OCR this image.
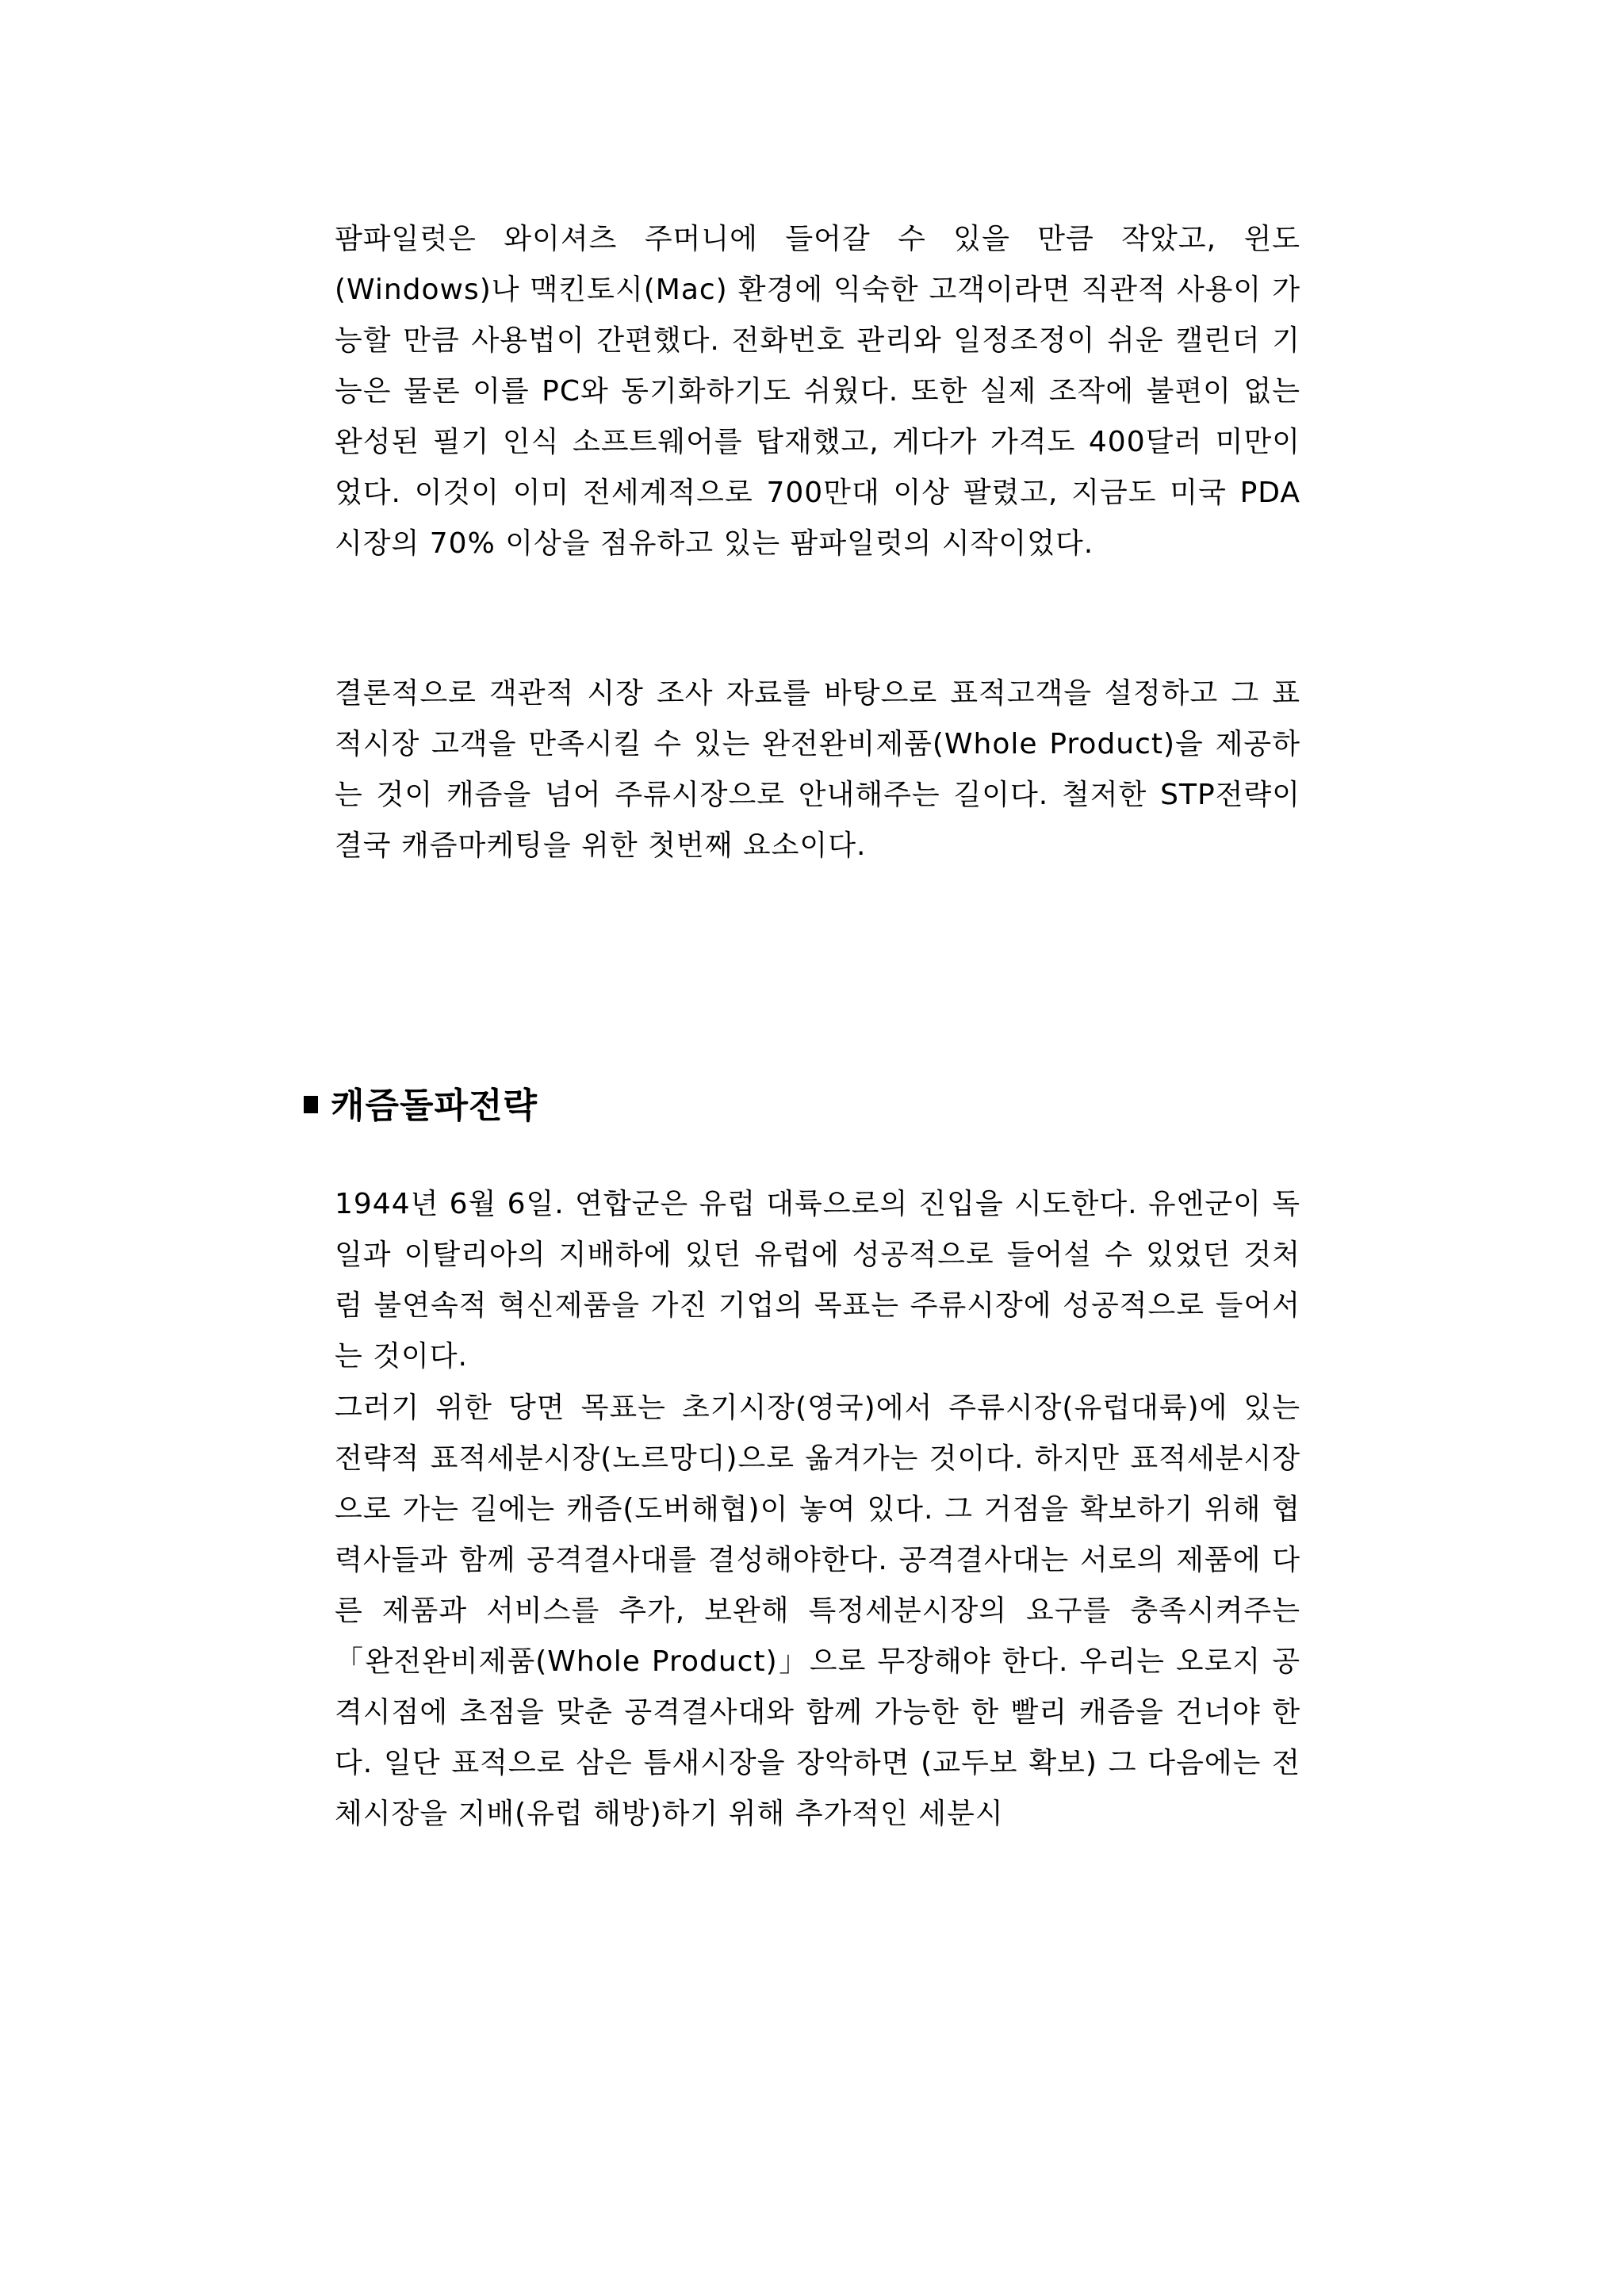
팜파일럿은 와이셔츠 주머니에 들어갈 수 있을 만큼 작았고, 윈도(Windows)나 맥킨토시(Mac) 환경에 익숙한 고객이라면 직관적 사용이 가능할 만큼 사용법이 간편했다. 전화번호 관리와 일정조정이 쉬운 캘린더 기능은 물론 이를 PC와 동기화하기도 쉬웠다. 또한 실제 조작에 불편이 없는 완성된 필기 인식 소프트웨어를 탑재했고, 게다가 가격도 400달러 미만이었다. 이것이 이미 전세계적으로 700만대 이상 팔렸고, 지금도 미국 PDA 시장의 70% 이상을 점유하고 있는 팜파일럿의 시작이었다.

결론적으로 객관적 시장 조사 자료를 바탕으로 표적고객을 설정하고 그 표적시장 고객을 만족시킬 수 있는 완전완비제품(Whole Product)을 제공하는 것이 캐즘을 넘어 주류시장으로 안내해주는 길이다. 철저한 STP전략이 결국 캐즘마케팅을 위한 첫번째 요소이다.

캐즘돌파전략

1944년 6월 6일. 연합군은 유럽 대륙으로의 진입을 시도한다. 유엔군이 독일과 이탈리아의 지배하에 있던 유럽에 성공적으로 들어설 수 있었던 것처럼 불연속적 혁신제품을 가진 기업의 목표는 주류시장에 성공적으로 들어서는 것이다.

그러기 위한 당면 목표는 초기시장(영국)에서 주류시장(유럽대륙)에 있는 전략적 표적세분시장(노르망디)으로 옮겨가는 것이다. 하지만 표적세분시장으로 가는 길에는 캐즘(도버해협)이 놓여 있다. 그 거점을 확보하기 위해 협력사들과 함께 공격결사대를 결성해야한다. 공격결사대는 서로의 제품에 다른 제품과 서비스를 추가, 보완해 특정세분시장의 요구를 충족시켜주는 「완전완비제품(Whole Product)」으로 무장해야 한다. 우리는 오로지 공격시점에 초점을 맞춘 공격결사대와 함께 가능한 한 빨리 캐즘을 건너야 한다. 일단 표적으로 삼은 틈새시장을 장악하면 (교두보 확보) 그 다음에는 전체시장을 지배(유럽 해방)하기 위해 추가적인 세분시
